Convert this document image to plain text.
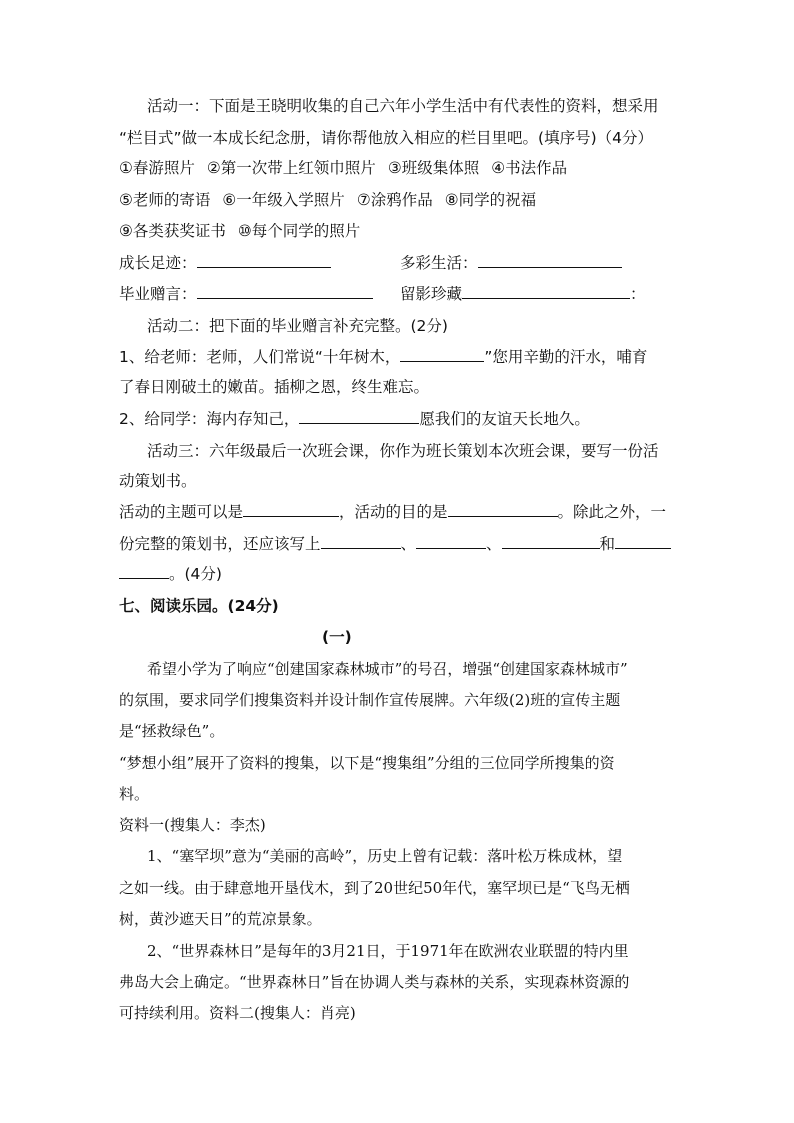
活动一：下面是王晓明收集的自己六年小学生活中有代表性的资料，想采用
“栏目式”做一本成长纪念册，请你帮他放入相应的栏目里吧。(填序号)（4分）
①春游照片 ②第一次带上红领巾照片 ③班级集体照 ④书法作品
⑤老师的寄语 ⑥一年级入学照片 ⑦涂鸦作品 ⑧同学的祝福
⑨各类获奖证书 ⑩每个同学的照片
成长足迹：	多彩生活：
毕业赠言：	留影珍藏	：
活动二：把下面的毕业赠言补充完整。(2分)
1、给老师：老师，人们常说“十年树木，	”您用辛勤的汗水，哺育
了春日刚破土的嫩苗。插柳之恩，终生难忘。
2、给同学：海内存知己，	愿我们的友谊天长地久。
活动三：六年级最后一次班会课，你作为班长策划本次班会课，要写一份活
动策划书。
活动的主题可以是	，活动的目的是	。除此之外，一
份完整的策划书，还应该写上	、	、	和
。(4分)
七、阅读乐园。(24分)
(一)
希望小学为了响应“创建国家森林城市”的号召，增强“创建国家森林城市”
的氛围，要求同学们搜集资料并设计制作宣传展牌。六年级(2)班的宣传主题
是“拯救绿色”。
“梦想小组”展开了资料的搜集，以下是“搜集组”分组的三位同学所搜集的资
料。
资料一(搜集人：李杰)
1、“塞罕坝”意为“美丽的高岭”，历史上曾有记载：落叶松万株成林，望
之如一线。由于肆意地开垦伐木，到了20世纪50年代，塞罕坝已是“飞鸟无栖
树，黄沙遮天日”的荒凉景象。
2、“世界森林日”是每年的3月21日，于1971年在欧洲农业联盟的特内里
弗岛大会上确定。“世界森林日”旨在协调人类与森林的关系，实现森林资源的
可持续利用。资料二(搜集人：肖亮)
